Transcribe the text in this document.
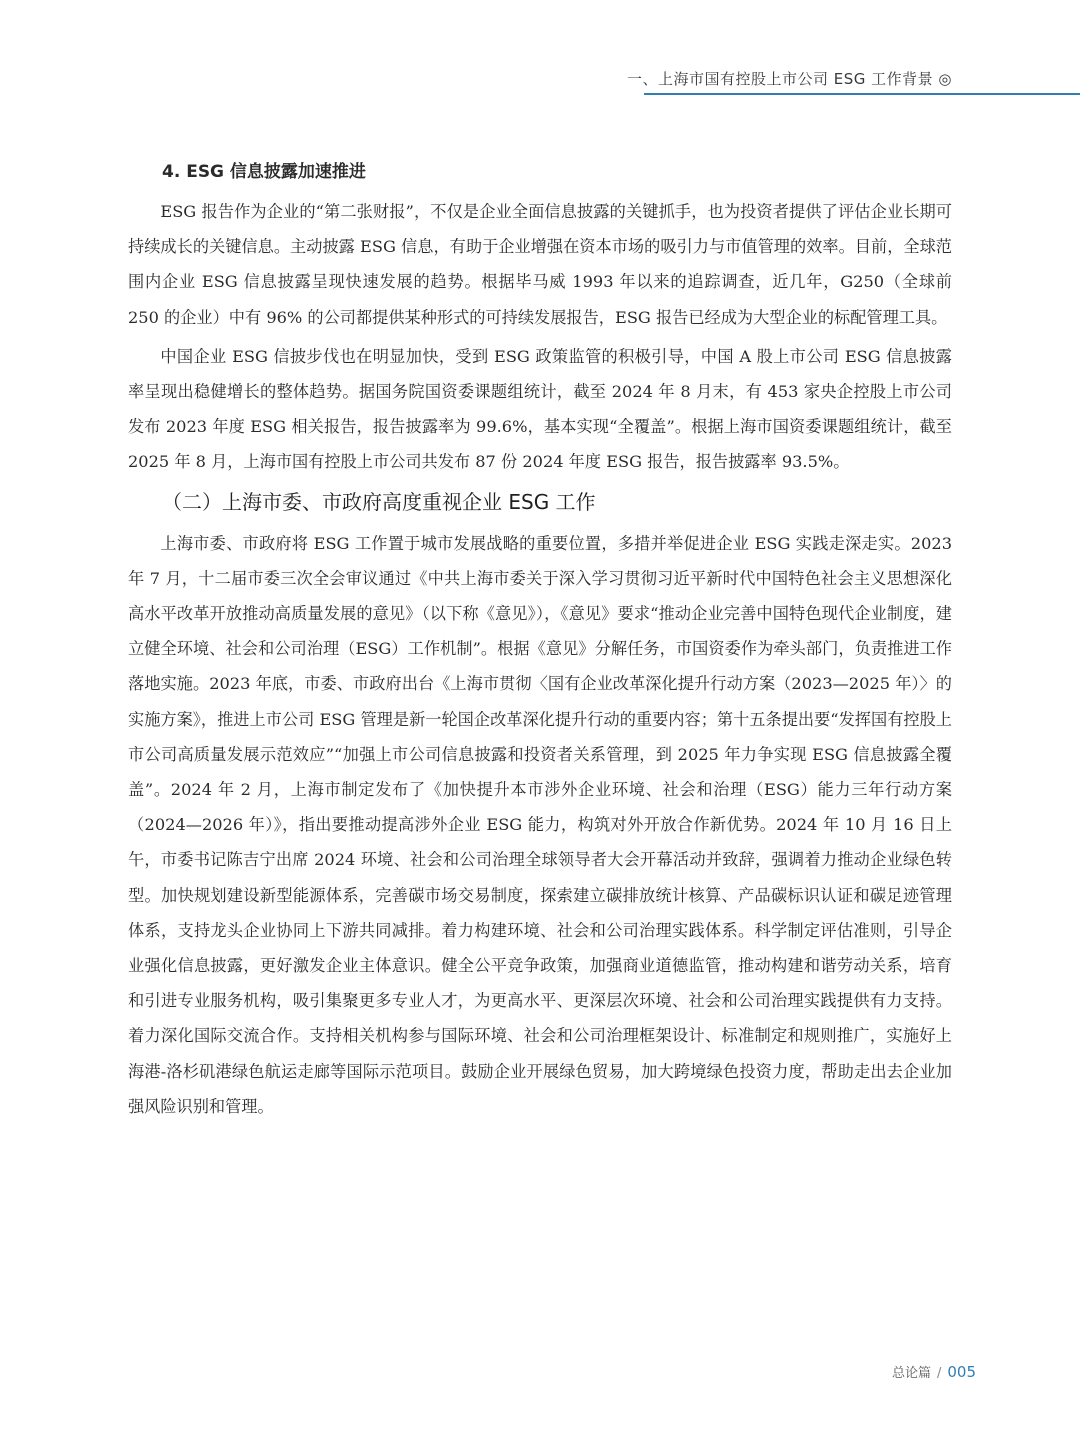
一、上海市国有控股上市公司 ESG 工作背景 ◎
4. ESG 信息披露加速推进

ESG 报告作为企业的“第二张财报”，不仅是企业全面信息披露的关键抓手，也为投资者提供了评估企业长期可持续成长的关键信息。主动披露 ESG 信息，有助于企业增强在资本市场的吸引力与市值管理的效率。目前，全球范围内企业 ESG 信息披露呈现快速发展的趋势。根据毕马威 1993 年以来的追踪调查，近几年，G250（全球前 250 的企业）中有 96% 的公司都提供某种形式的可持续发展报告，ESG 报告已经成为大型企业的标配管理工具。

中国企业 ESG 信披步伐也在明显加快，受到 ESG 政策监管的积极引导，中国 A 股上市公司 ESG 信息披露率呈现出稳健增长的整体趋势。据国务院国资委课题组统计，截至 2024 年 8 月末，有 453 家央企控股上市公司发布 2023 年度 ESG 相关报告，报告披露率为 99.6%，基本实现“全覆盖”。根据上海市国资委课题组统计，截至 2025 年 8 月，上海市国有控股上市公司共发布 87 份 2024 年度 ESG 报告，报告披露率 93.5%。

（二）上海市委、市政府高度重视企业 ESG 工作

上海市委、市政府将 ESG 工作置于城市发展战略的重要位置，多措并举促进企业 ESG 实践走深走实。2023 年 7 月，十二届市委三次全会审议通过《中共上海市委关于深入学习贯彻习近平新时代中国特色社会主义思想深化高水平改革开放推动高质量发展的意见》（以下称《意见》），《意见》要求“推动企业完善中国特色现代企业制度，建立健全环境、社会和公司治理（ESG）工作机制”。根据《意见》分解任务，市国资委作为牵头部门，负责推进工作落地实施。2023 年底，市委、市政府出台《上海市贯彻〈国有企业改革深化提升行动方案（2023—2025 年）〉的实施方案》，推进上市公司 ESG 管理是新一轮国企改革深化提升行动的重要内容；第十五条提出要“发挥国有控股上市公司高质量发展示范效应”“加强上市公司信息披露和投资者关系管理，到 2025 年力争实现 ESG 信息披露全覆盖”。2024 年 2 月，上海市制定发布了《加快提升本市涉外企业环境、社会和治理（ESG）能力三年行动方案（2024—2026 年）》，指出要推动提高涉外企业 ESG 能力，构筑对外开放合作新优势。2024 年 10 月 16 日上午，市委书记陈吉宁出席 2024 环境、社会和公司治理全球领导者大会开幕活动并致辞，强调着力推动企业绿色转型。加快规划建设新型能源体系，完善碳市场交易制度，探索建立碳排放统计核算、产品碳标识认证和碳足迹管理体系，支持龙头企业协同上下游共同减排。着力构建环境、社会和公司治理实践体系。科学制定评估准则，引导企业强化信息披露，更好激发企业主体意识。健全公平竞争政策，加强商业道德监管，推动构建和谐劳动关系，培育和引进专业服务机构，吸引集聚更多专业人才，为更高水平、更深层次环境、社会和公司治理实践提供有力支持。着力深化国际交流合作。支持相关机构参与国际环境、社会和公司治理框架设计、标准制定和规则推广，实施好上海港-洛杉矶港绿色航运走廊等国际示范项目。鼓励企业开展绿色贸易，加大跨境绿色投资力度，帮助走出去企业加强风险识别和管理。

总论篇 / 005
